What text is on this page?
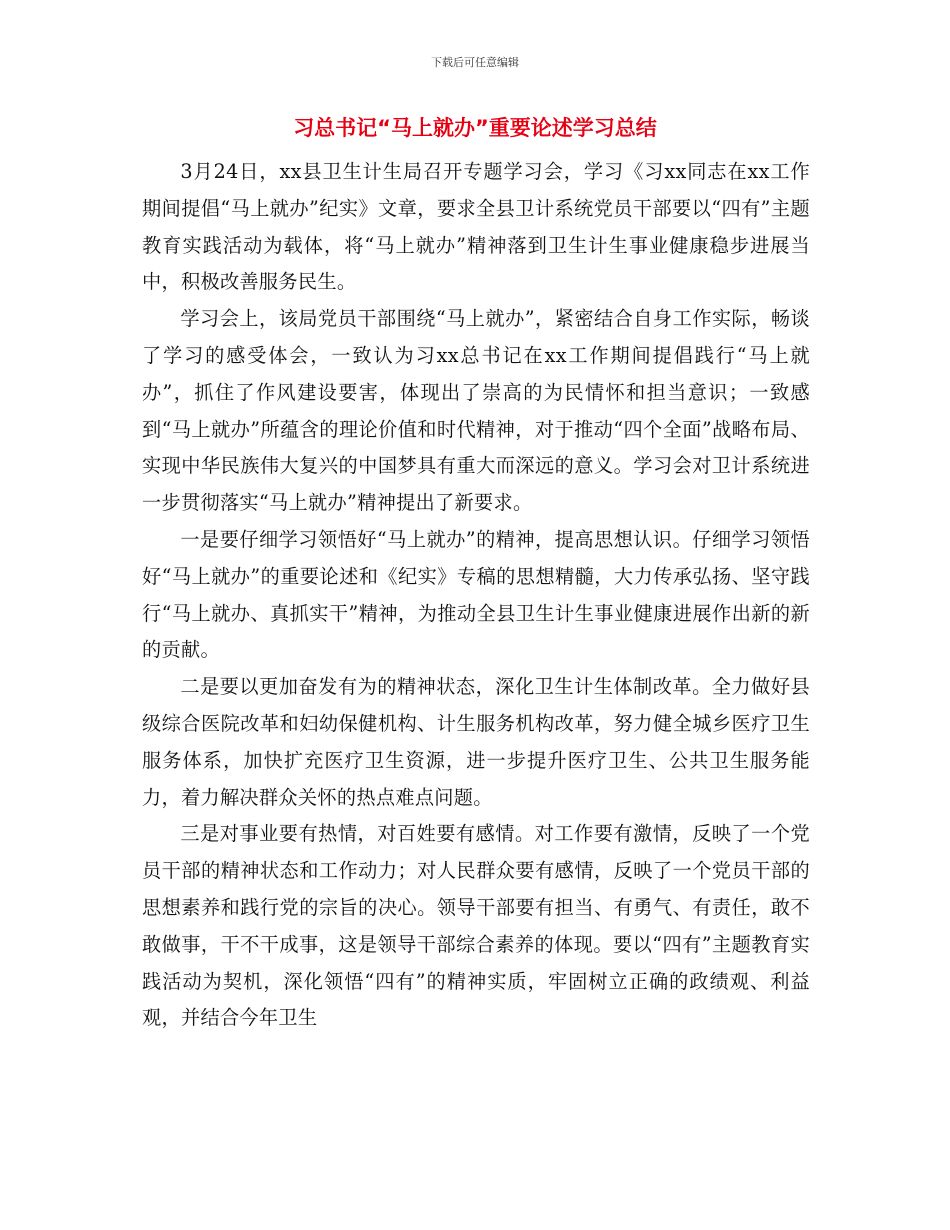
下载后可任意编辑
习总书记“马上就办”重要论述学习总结

3月24日，xx县卫生计生局召开专题学习会，学习《习xx同志在xx工作期间提倡“马上就办”纪实》文章，要求全县卫计系统党员干部要以“四有”主题教育实践活动为载体，将“马上就办”精神落到卫生计生事业健康稳步进展当中，积极改善服务民生。

学习会上，该局党员干部围绕“马上就办”，紧密结合自身工作实际，畅谈了学习的感受体会，一致认为习xx总书记在xx工作期间提倡践行“马上就办”，抓住了作风建设要害，体现出了崇高的为民情怀和担当意识；一致感到“马上就办”所蕴含的理论价值和时代精神，对于推动“四个全面”战略布局、实现中华民族伟大复兴的中国梦具有重大而深远的意义。学习会对卫计系统进一步贯彻落实“马上就办”精神提出了新要求。

一是要仔细学习领悟好“马上就办”的精神，提高思想认识。仔细学习领悟好“马上就办”的重要论述和《纪实》专稿的思想精髓，大力传承弘扬、坚守践行“马上就办、真抓实干”精神，为推动全县卫生计生事业健康进展作出新的新的贡献。

二是要以更加奋发有为的精神状态，深化卫生计生体制改革。全力做好县级综合医院改革和妇幼保健机构、计生服务机构改革，努力健全城乡医疗卫生服务体系，加快扩充医疗卫生资源，进一步提升医疗卫生、公共卫生服务能力，着力解决群众关怀的热点难点问题。

三是对事业要有热情，对百姓要有感情。对工作要有激情，反映了一个党员干部的精神状态和工作动力；对人民群众要有感情，反映了一个党员干部的思想素养和践行党的宗旨的决心。领导干部要有担当、有勇气、有责任，敢不敢做事，干不干成事，这是领导干部综合素养的体现。要以“四有”主题教育实践活动为契机，深化领悟“四有”的精神实质，牢固树立正确的政绩观、利益观，并结合今年卫生
